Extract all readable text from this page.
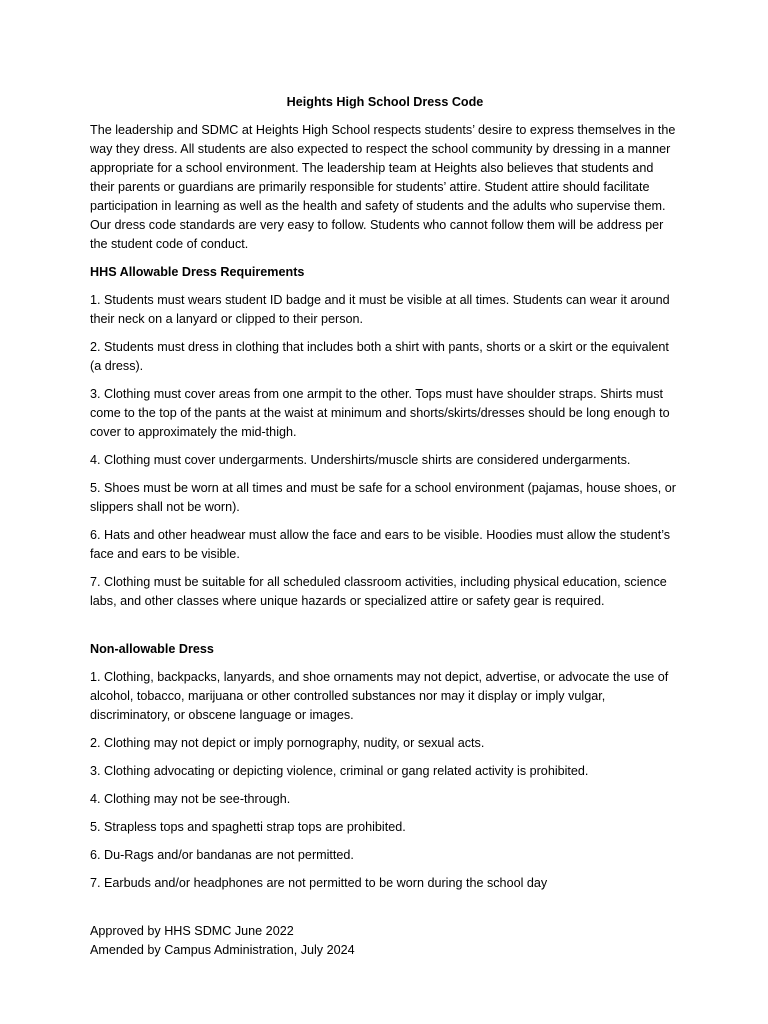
Heights High School Dress Code

The leadership and SDMC at Heights High School respects students’ desire to express themselves in the way they dress. All students are also expected to respect the school community by dressing in a manner appropriate for a school environment. The leadership team at Heights also believes that students and their parents or guardians are primarily responsible for students’ attire. Student attire should facilitate participation in learning as well as the health and safety of students and the adults who supervise them. Our dress code standards are very easy to follow. Students who cannot follow them will be address per the student code of conduct.

HHS Allowable Dress Requirements

1. Students must wears student ID badge and it must be visible at all times. Students can wear it around their neck on a lanyard or clipped to their person.

2. Students must dress in clothing that includes both a shirt with pants, shorts or a skirt or the equivalent (a dress).

3. Clothing must cover areas from one armpit to the other. Tops must have shoulder straps. Shirts must come to the top of the pants at the waist at minimum and shorts/skirts/dresses should be long enough to cover to approximately the mid-thigh.

4. Clothing must cover undergarments. Undershirts/muscle shirts are considered undergarments.

5. Shoes must be worn at all times and must be safe for a school environment (pajamas, house shoes, or slippers shall not be worn).

6. Hats and other headwear must allow the face and ears to be visible. Hoodies must allow the student’s face and ears to be visible.

7. Clothing must be suitable for all scheduled classroom activities, including physical education, science labs, and other classes where unique hazards or specialized attire or safety gear is required.

Non-allowable Dress

1. Clothing, backpacks, lanyards, and shoe ornaments may not depict, advertise, or advocate the use of alcohol, tobacco, marijuana or other controlled substances nor may it display or imply vulgar, discriminatory, or obscene language or images.

2. Clothing may not depict or imply pornography, nudity, or sexual acts.

3. Clothing advocating or depicting violence, criminal or gang related activity is prohibited.

4. Clothing may not be see-through.

5. Strapless tops and spaghetti strap tops are prohibited.

6. Du-Rags and/or bandanas are not permitted.

7. Earbuds and/or headphones are not permitted to be worn during the school day

Approved by HHS SDMC June 2022

Amended by Campus Administration, July 2024
